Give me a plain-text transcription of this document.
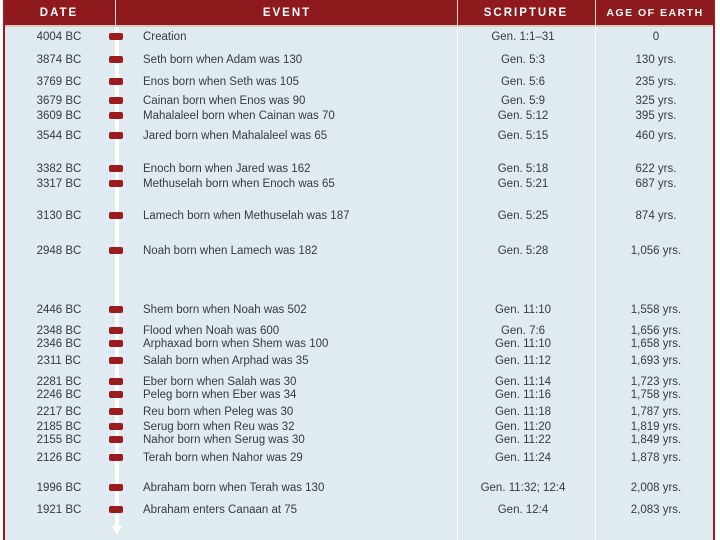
DATE	EVENT	SCRIPTURE	AGE OF EARTH
4004 BC	Creation	Gen. 1:1–31	0
3874 BC	Seth born when Adam was 130	Gen. 5:3	130 yrs.
3769 BC	Enos born when Seth was 105	Gen. 5:6	235 yrs.
3679 BC	Cainan born when Enos was 90	Gen. 5:9	325 yrs.
3609 BC	Mahalaleel born when Cainan was 70	Gen. 5:12	395 yrs.
3544 BC	Jared born when Mahalaleel was 65	Gen. 5:15	460 yrs.
3382 BC	Enoch born when Jared was 162	Gen. 5:18	622 yrs.
3317 BC	Methuselah born when Enoch was 65	Gen. 5:21	687 yrs.
3130 BC	Lamech born when Methuselah was 187	Gen. 5:25	874 yrs.
2948 BC	Noah born when Lamech was 182	Gen. 5:28	1,056 yrs.
2446 BC	Shem born when Noah was 502	Gen. 11:10	1,558 yrs.
2348 BC	Flood when Noah was 600	Gen. 7:6	1,656 yrs.
2346 BC	Arphaxad born when Shem was 100	Gen. 11:10	1,658 yrs.
2311 BC	Salah born when Arphad was 35	Gen. 11:12	1,693 yrs.
2281 BC	Eber born when Salah was 30	Gen. 11:14	1,723 yrs.
2246 BC	Peleg born when Eber was 34	Gen. 11:16	1,758 yrs.
2217 BC	Reu born when Peleg was 30	Gen. 11:18	1,787 yrs.
2185 BC	Serug born when Reu was 32	Gen. 11:20	1,819 yrs.
2155 BC	Nahor born when Serug was 30	Gen. 11:22	1,849 yrs.
2126 BC	Terah born when Nahor was 29	Gen. 11:24	1,878 yrs.
1996 BC	Abraham born when Terah was 130	Gen. 11:32; 12:4	2,008 yrs.
1921 BC	Abraham enters Canaan at 75	Gen. 12:4	2,083 yrs.
